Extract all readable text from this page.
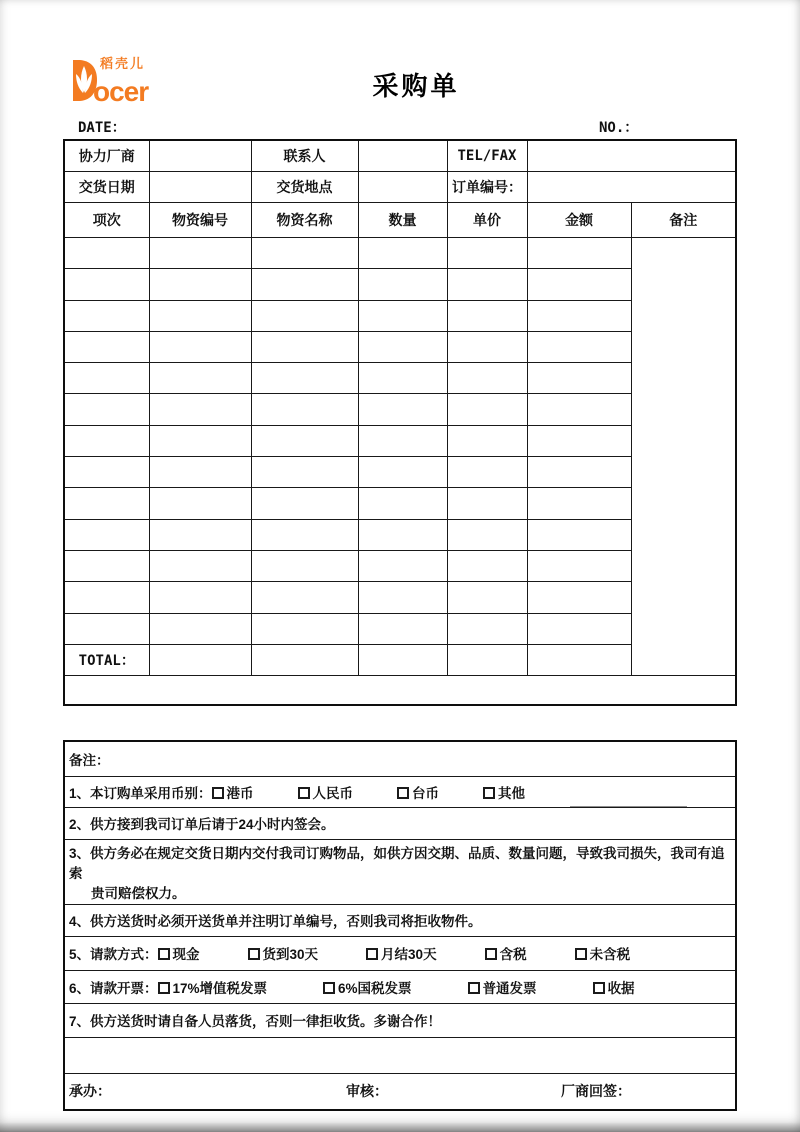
稻壳儿
ocer	采购单
DATE：	NO.：
协力厂商		联系人		TEL/FAX		
交货日期		交货地点		订单编号：		
项次	物资编号	物资名称	数量	单价	金额	备注

TOTAL：						

备注：
1、本订购单采用币别： 港币	人民币	台币	其他

2、供方接到我司订单后请于24小时内签会。

3、供方务必在规定交货日期内交付我司订购物品，如供方因交期、品质、数量问题，导致我司损失，我司有追索
贵司赔偿权力。

4、供方送货时必须开送货单并注明订单编号，否则我司将拒收物件。
5、请款方式： 现金	货到30天	月结30天	含税	未含税
6、请款开票： 17%增值税发票	6%国税发票	普通发票	收据
7、供方送货时请自备人员落货，否则一律拒收货。多谢合作！

承办：	审核：	厂商回签：
